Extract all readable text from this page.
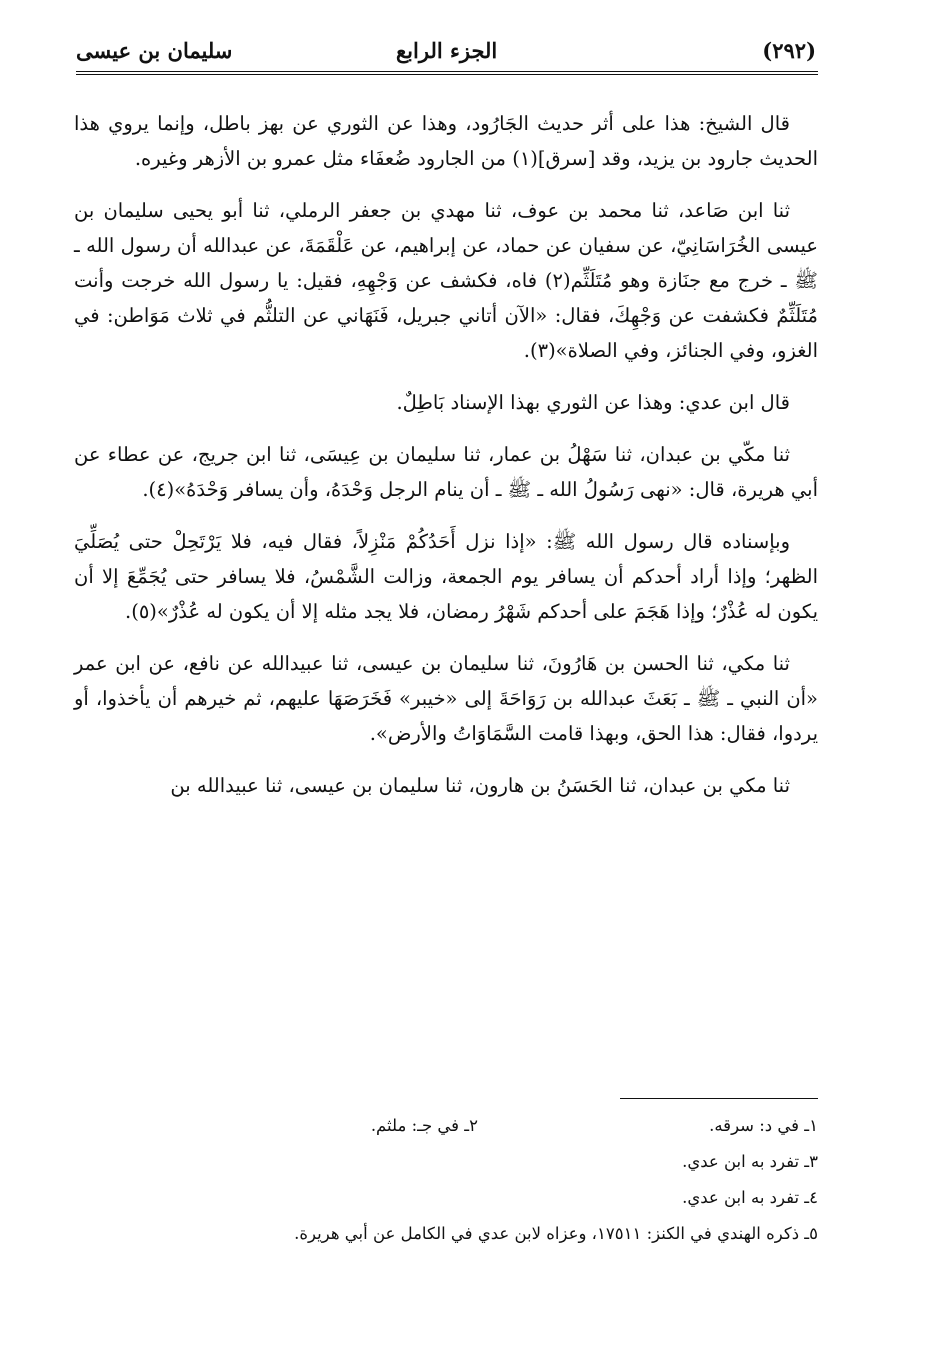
(٢٩٢)
الجزء الرابع
سليمان بن عيسى

قال الشيخ: هذا على أثر حديث الجَارُود، وهذا عن الثوري عن بهز باطل، وإنما يروي هذا الحديث جارود بن يزيد، وقد [سرق](١) من الجارود ضُعفَاء مثل عمرو بن الأزهر وغيره.

ثنا ابن صَاعد، ثنا محمد بن عوف، ثنا مهدي بن جعفر الرملي، ثنا أبو يحيى سليمان بن عيسى الخُرَاسَانِيّ، عن سفيان عن حماد، عن إبراهيم، عن عَلْقَمَةَ، عن عبدالله أن رسول الله ـ ﷺ ـ خرج مع جنَازة وهو مُتَلَثِّم(٢) فاه، فكشف عن وَجْهِهِ، فقيل: يا رسول الله خرجت وأنت مُتَلَثِّمٌ فكشفت عن وَجْهِكَ، فقال: «الآن أتاني جبريل، فَنَهَاني عن التلثُّم في ثلاث مَوَاطن: في الغزو، وفي الجنائز، وفي الصلاة»(٣).

قال ابن عدي: وهذا عن الثوري بهذا الإسناد بَاطِلٌ.

ثنا مكّي بن عبدان، ثنا سَهْلُ بن عمار، ثنا سليمان بن عِيسَى، ثنا ابن جريج، عن عطاء عن أبي هريرة، قال: «نهى رَسُولُ الله ـ ﷺ ـ أن ينام الرجل وَحْدَهُ، وأن يسافر وَحْدَهُ»(٤).

وبإسناده قال رسول الله ﷺ: «إذا نزل أَحَدُكُمْ مَنْزِلاً، فقال فيه، فلا يَرْتَحِلْ حتى يُصَلِّيَ الظهر؛ وإذا أراد أحدكم أن يسافر يوم الجمعة، وزالت الشَّمْسُ، فلا يسافر حتى يُجَمِّعَ إلا أن يكون له عُذْرٌ؛ وإذا هَجَمَ على أحدكم شَهْرُ رمضان، فلا يجد مثله إلا أن يكون له عُذْرٌ»(٥).

ثنا مكي، ثنا الحسن بن هَارُونَ، ثنا سليمان بن عيسى، ثنا عبيدالله عن نافع، عن ابن عمر «أن النبي ـ ﷺ ـ بَعَثَ عبدالله بن رَوَاحَةَ إلى «خيبر» فَخَرَصَهَا عليهم، ثم خيرهم أن يأخذوا، أو يردوا، فقال: هذا الحق، وبهذا قامت السَّمَاوَاتُ والأرض».

ثنا مكي بن عبدان، ثنا الحَسَنُ بن هارون، ثنا سليمان بن عيسى، ثنا عبيدالله بن

١ـ في د: سرقه.
٢ـ في جـ: ملثم.
٣ـ تفرد به ابن عدي.
٤ـ تفرد به ابن عدي.
٥ـ ذكره الهندي في الكنز: ١٧٥١١، وعزاه لابن عدي في الكامل عن أبي هريرة.
